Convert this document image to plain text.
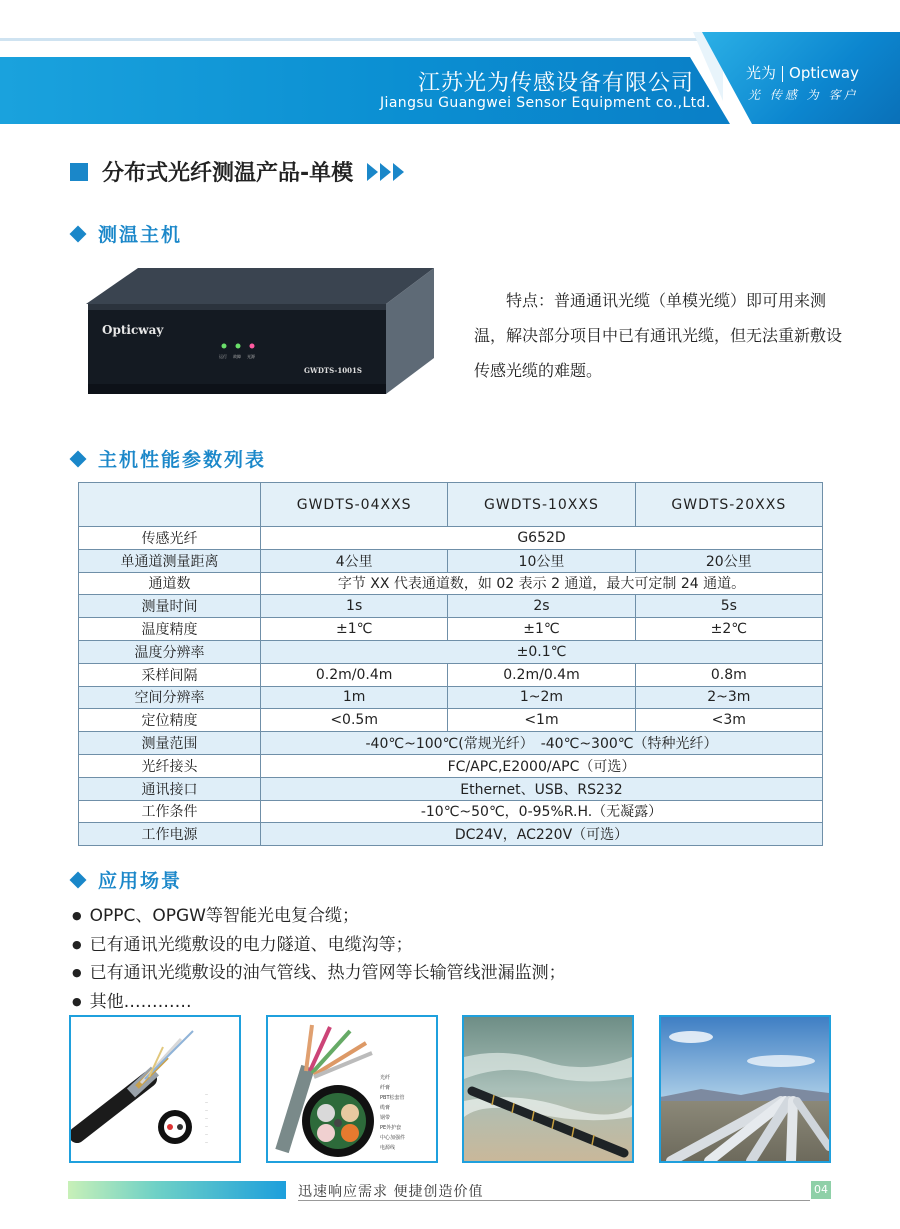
江苏光为传感设备有限公司
Jiangsu Guangwei Sensor Equipment co.,Ltd.
光为 Opticway
光 传感 为 客户
分布式光纤测温产品-单模
测温主机
Opticway
运行 故障 光源
GWDTS-1001S

特点：普通通讯光缆（单模光缆）即可用来测温，解决部分项目中已有通讯光缆，但无法重新敷设传感光缆的难题。

主机性能参数列表
	GWDTS-04XXS	GWDTS-10XXS	GWDTS-20XXS
传感光纤	G652D		
单通道测量距离	4公里	10公里	20公里
通道数	字节 XX 代表通道数，如 02 表示 2 通道，最大可定制 24 通道。		
测量时间	1s	2s	5s
温度精度	±1℃	±1℃	±2℃
温度分辨率	±0.1℃		
采样间隔	0.2m/0.4m	0.2m/0.4m	0.8m
空间分辨率	1m	1~2m	2~3m
定位精度	<0.5m	<1m	<3m
测量范围	-40℃~100℃(常规光纤）　-40℃~300℃（特种光纤）		
光纤接头	FC/APC,E2000/APC（可选）		
通讯接口	Ethernet、USB、RS232		
工作条件	-10℃~50℃，0-95%R.H.（无凝露）		
工作电源	DC24V，AC220V（可选）		
应用场景
● OPPC、OPGW等智能光电复合缆；
● 已有通讯光缆敷设的电力隧道、电缆沟等；
● 已有通讯光缆敷设的油气管线、热力管网等长输管线泄漏监测；
● 其他…………
—
—
—
—
—
—
—
光纤
纤膏
PBT松套管
缆膏
钢带
PE外护套
中心加强件
电源线
迅速响应需求 便捷创造价值	04
